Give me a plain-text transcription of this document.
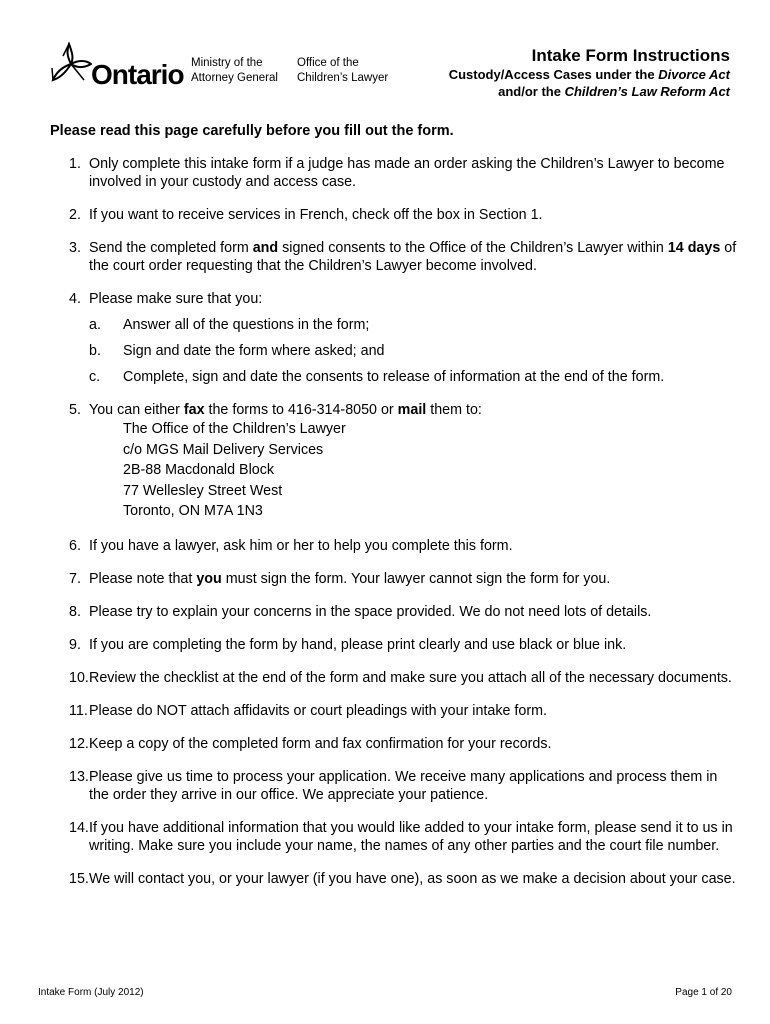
Ontario Ministry of the
Attorney General
Office of the
Children’s Lawyer
Intake Form Instructions
Custody/Access Cases under the Divorce Act
and/or the Children’s Law Reform Act
Please read this page carefully before you fill out the form.
1. Only complete this intake form if a judge has made an order asking the Children’s Lawyer to become involved in your custody and access case.
2. If you want to receive services in French, check off the box in Section 1.
3. Send the completed form and signed consents to the Office of the Children’s Lawyer within 14 days of the court order requesting that the Children’s Lawyer become involved.
4. Please make sure that you:
a.	Answer all of the questions in the form;
b.	Sign and date the form where asked; and
c.	Complete, sign and date the consents to release of information at the end of the form.
5. You can either fax the forms to 416-314-8050 or mail them to:
The Office of the Children’s Lawyer
c/o MGS Mail Delivery Services
2B-88 Macdonald Block
77 Wellesley Street West
Toronto, ON M7A 1N3
6. If you have a lawyer, ask him or her to help you complete this form.
7. Please note that you must sign the form. Your lawyer cannot sign the form for you.
8. Please try to explain your concerns in the space provided. We do not need lots of details.
9. If you are completing the form by hand, please print clearly and use black or blue ink.
10. Review the checklist at the end of the form and make sure you attach all of the necessary documents.
11. Please do NOT attach affidavits or court pleadings with your intake form.
12. Keep a copy of the completed form and fax confirmation for your records.
13. Please give us time to process your application. We receive many applications and process them in the order they arrive in our office. We appreciate your patience.
14. If you have additional information that you would like added to your intake form, please send it to us in writing. Make sure you include your name, the names of any other parties and the court file number.
15. We will contact you, or your lawyer (if you have one), as soon as we make a decision about your case.
Intake Form (July 2012)	Page 1 of 20
